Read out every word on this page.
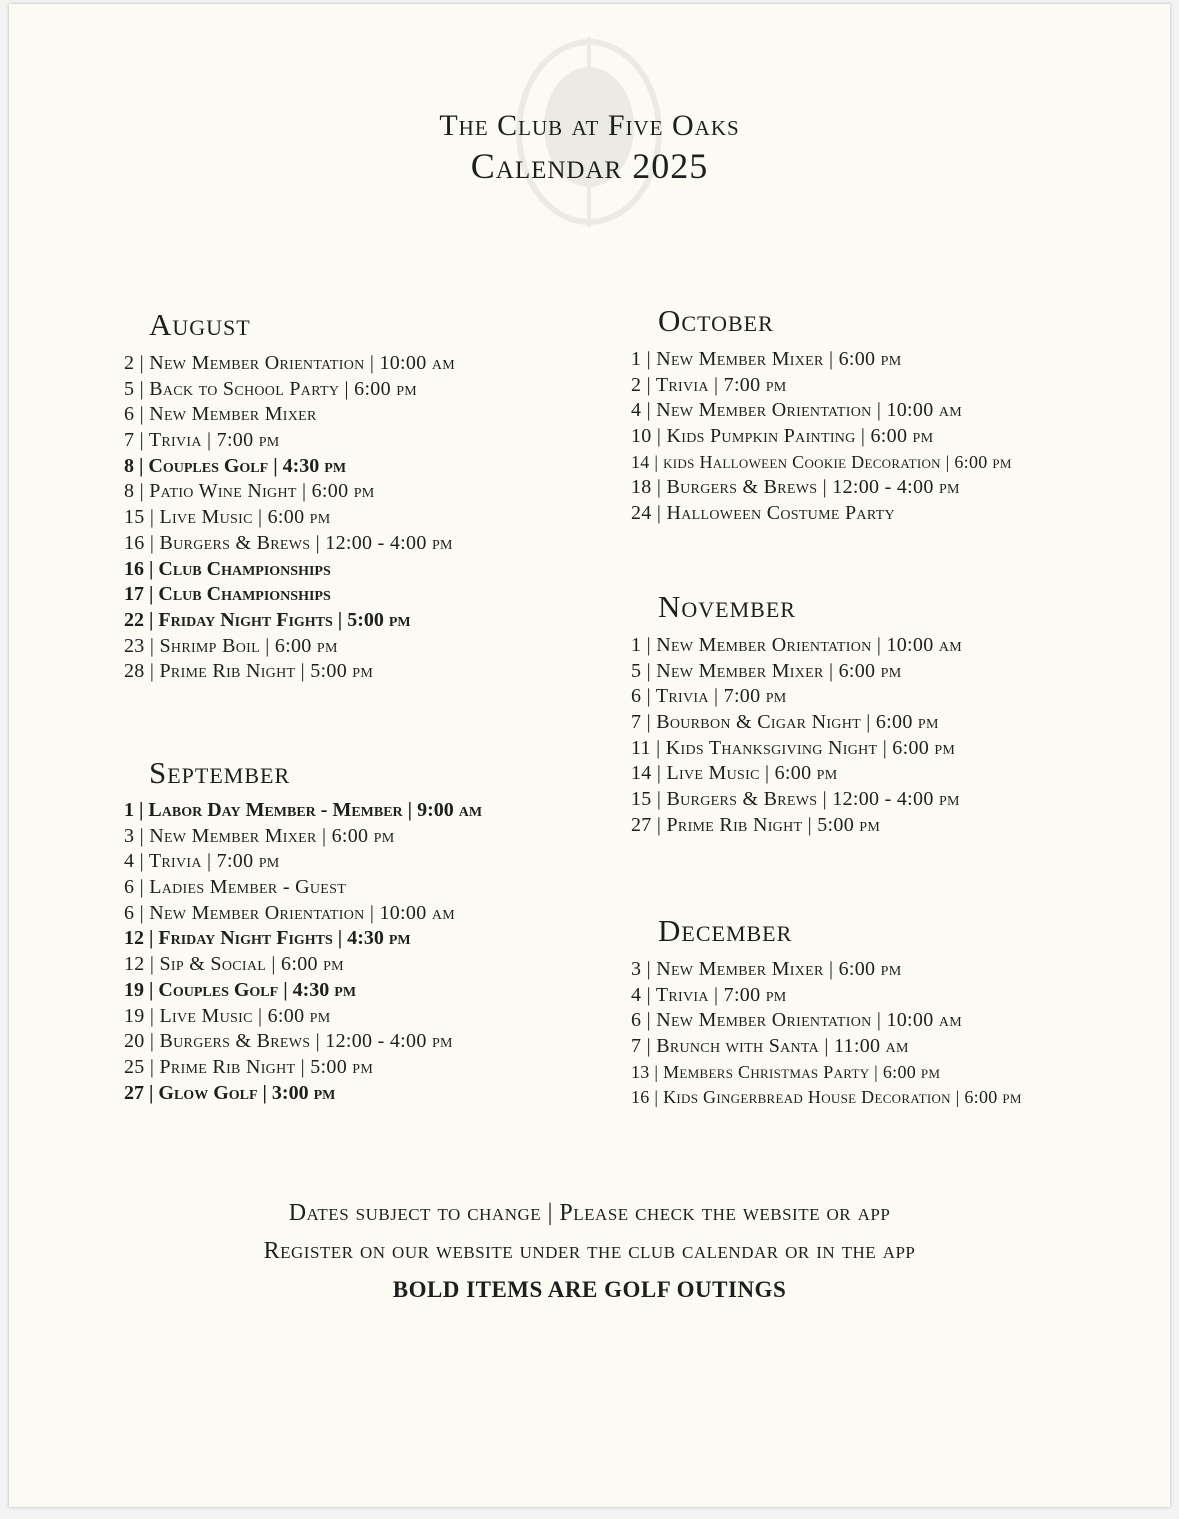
The Club at Five Oaks
Calendar 2025
August
2 | New Member Orientation | 10:00 am
5 | Back to School Party | 6:00 pm
6 | New Member Mixer
7 | Trivia | 7:00 pm
8 | Couples Golf | 4:30 pm
8 | Patio Wine Night | 6:00 pm
15 | Live Music | 6:00 pm
16 | Burgers & Brews | 12:00 - 4:00 pm
16 | Club Championships
17 | Club Championships
22 | Friday Night Fights | 5:00 pm
23 | Shrimp Boil | 6:00 pm
28 | Prime Rib Night | 5:00 pm
September
1 | Labor Day Member - Member | 9:00 am
3 | New Member Mixer | 6:00 pm
4 | Trivia | 7:00 pm
6 | Ladies Member - Guest
6 | New Member Orientation | 10:00 am
12 | Friday Night Fights | 4:30 pm
12 | Sip & Social | 6:00 pm
19 | Couples Golf | 4:30 pm
19 | Live Music | 6:00 pm
20 | Burgers & Brews | 12:00 - 4:00 pm
25 | Prime Rib Night | 5:00 pm
27 | Glow Golf | 3:00 pm
October
1 | New Member Mixer | 6:00 pm
2 | Trivia | 7:00 pm
4 | New Member Orientation | 10:00 am
10 | Kids Pumpkin Painting | 6:00 pm
14 | kids Halloween Cookie Decoration | 6:00 pm
18 | Burgers & Brews | 12:00 - 4:00 pm
24 | Halloween Costume Party
November
1 | New Member Orientation | 10:00 am
5 | New Member Mixer | 6:00 pm
6 | Trivia | 7:00 pm
7 | Bourbon & Cigar Night | 6:00 pm
11 | Kids Thanksgiving Night | 6:00 pm
14 | Live Music | 6:00 pm
15 | Burgers & Brews | 12:00 - 4:00 pm
27 | Prime Rib Night | 5:00 pm
December
3 | New Member Mixer | 6:00 pm
4 | Trivia | 7:00 pm
6 | New Member Orientation | 10:00 am
7 | Brunch with Santa | 11:00 am
13 | Members Christmas Party | 6:00 pm
16 | Kids Gingerbread House Decoration | 6:00 pm
Dates subject to change | Please check the website or app
Register on our website under the club calendar or in the app
BOLD ITEMS ARE GOLF OUTINGS
